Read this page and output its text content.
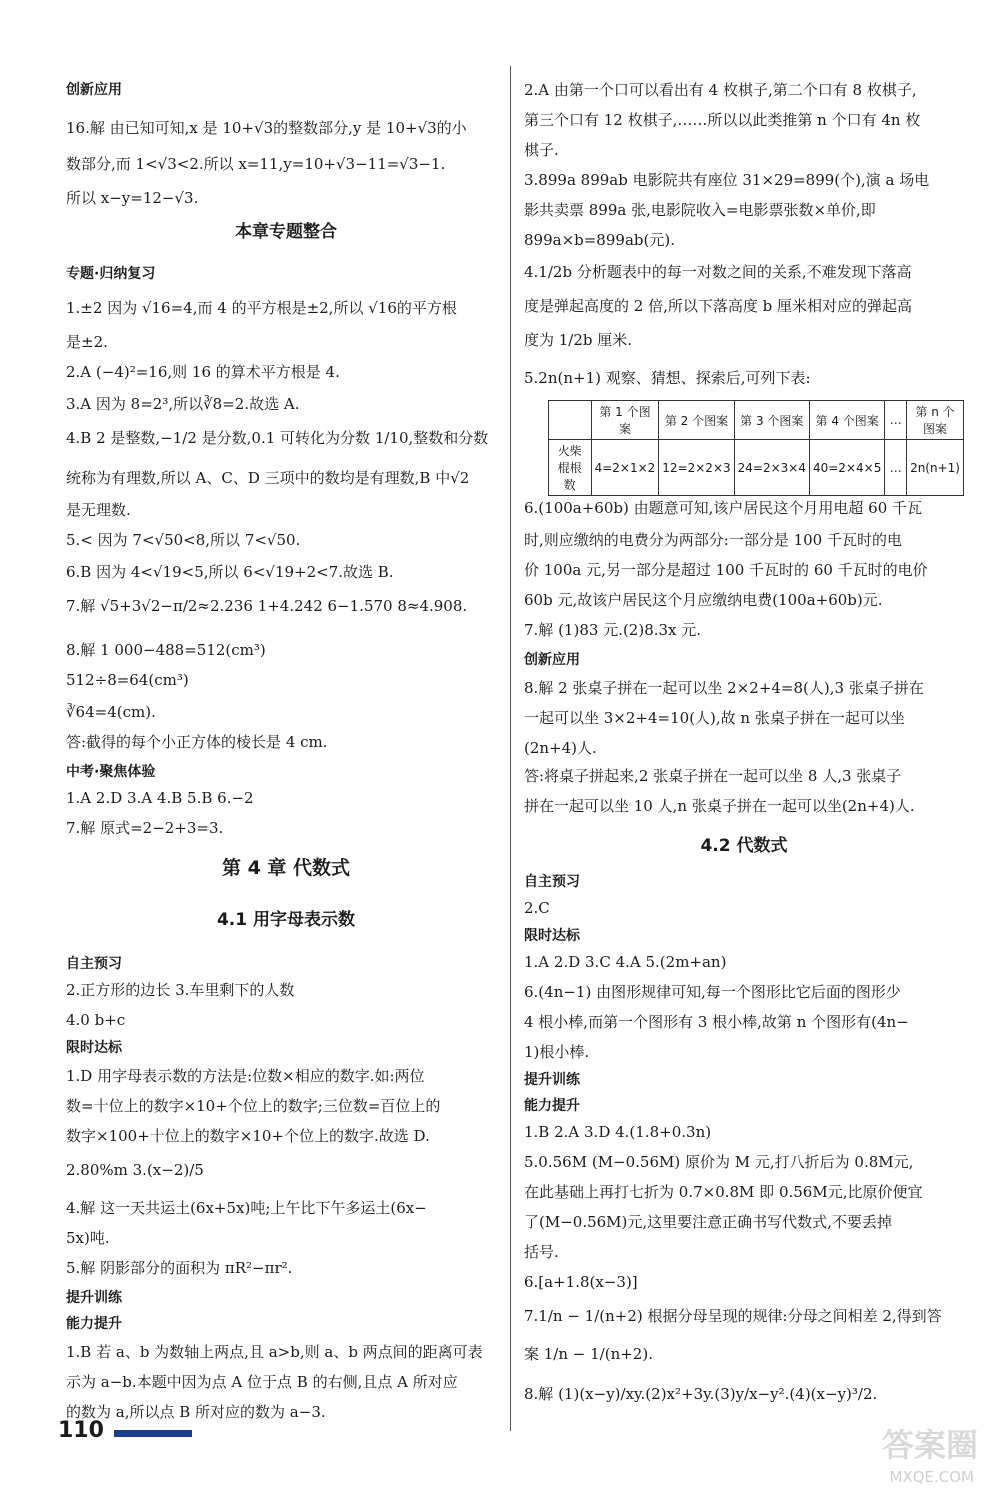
创新应用
16.解 由已知可知,x 是 10+√3的整数部分,y 是 10+√3的小
数部分,而 1<√3<2.所以 x=11,y=10+√3−11=√3−1.
所以 x−y=12−√3.
本章专题整合
专题·归纳复习
1.±2 因为 √16=4,而 4 的平方根是±2,所以 √16的平方根
是±2.
2.A (−4)²=16,则 16 的算术平方根是 4.
3.A 因为 8=2³,所以∛8=2.故选 A.
4.B 2 是整数,−1/2 是分数,0.1 可转化为分数 1/10,整数和分数
统称为有理数,所以 A、C、D 三项中的数均是有理数,B 中√2
是无理数.
5.< 因为 7<√50<8,所以 7<√50.
6.B 因为 4<√19<5,所以 6<√19+2<7.故选 B.
7.解 √5+3√2−π/2≈2.236 1+4.242 6−1.570 8≈4.908.
8.解 1 000−488=512(cm³)
512÷8=64(cm³)
∛64=4(cm).
答:截得的每个小正方体的棱长是 4 cm.
中考·聚焦体验
1.A 2.D 3.A 4.B 5.B 6.−2
7.解 原式=2−2+3=3.
第 4 章 代数式
4.1 用字母表示数
自主预习
2.正方形的边长 3.车里剩下的人数
4.0 b+c
限时达标
1.D 用字母表示数的方法是:位数×相应的数字.如:两位
数=十位上的数字×10+个位上的数字;三位数=百位上的
数字×100+十位上的数字×10+个位上的数字.故选 D.
2.80%m 3.(x−2)/5
4.解 这一天共运土(6x+5x)吨;上午比下午多运土(6x−
5x)吨.
5.解 阴影部分的面积为 πR²−πr².
提升训练
能力提升
1.B 若 a、b 为数轴上两点,且 a>b,则 a、b 两点间的距离可表
示为 a−b.本题中因为点 A 位于点 B 的右侧,且点 A 所对应
的数为 a,所以点 B 所对应的数为 a−3.
	第 1 个图案	第 2 个图案	第 3 个图案	第 4 个图案	…	第 n 个图案
火柴棍根数	4=2×1×2	12=2×2×3	24=2×3×4	40=2×4×5	…	2n(n+1)
2.A 由第一个口可以看出有 4 枚棋子,第二个口有 8 枚棋子,
第三个口有 12 枚棋子,……所以以此类推第 n 个口有 4n 枚
棋子.
3.899a 899ab 电影院共有座位 31×29=899(个),演 a 场电
影共卖票 899a 张,电影院收入=电影票张数×单价,即
899a×b=899ab(元).
4.1/2b 分析题表中的每一对数之间的关系,不难发现下落高
度是弹起高度的 2 倍,所以下落高度 b 厘米相对应的弹起高
度为 1/2b 厘米.
5.2n(n+1) 观察、猜想、探索后,可列下表:
6.(100a+60b) 由题意可知,该户居民这个月用电超 60 千瓦
时,则应缴纳的电费分为两部分:一部分是 100 千瓦时的电
价 100a 元,另一部分是超过 100 千瓦时的 60 千瓦时的电价
60b 元,故该户居民这个月应缴纳电费(100a+60b)元.
7.解 (1)83 元.(2)8.3x 元.
创新应用
8.解 2 张桌子拼在一起可以坐 2×2+4=8(人),3 张桌子拼在
一起可以坐 3×2+4=10(人),故 n 张桌子拼在一起可以坐
(2n+4)人.
答:将桌子拼起来,2 张桌子拼在一起可以坐 8 人,3 张桌子
拼在一起可以坐 10 人,n 张桌子拼在一起可以坐(2n+4)人.
4.2 代数式
自主预习
2.C
限时达标
1.A 2.D 3.C 4.A 5.(2m+an)
6.(4n−1) 由图形规律可知,每一个图形比它后面的图形少
4 根小棒,而第一个图形有 3 根小棒,故第 n 个图形有(4n−
1)根小棒.
提升训练
能力提升
1.B 2.A 3.D 4.(1.8+0.3n)
5.0.56M (M−0.56M) 原价为 M 元,打八折后为 0.8M元,
在此基础上再打七折为 0.7×0.8M 即 0.56M元,比原价便宜
了(M−0.56M)元,这里要注意正确书写代数式,不要丢掉
括号.
6.[a+1.8(x−3)]
7.1/n − 1/(n+2) 根据分母呈现的规律:分母之间相差 2,得到答
案 1/n − 1/(n+2).
8.解 (1)(x−y)/xy.(2)x²+3y.(3)y/x−y².(4)(x−y)³/2.
110	答案圈
MXQE.COM
